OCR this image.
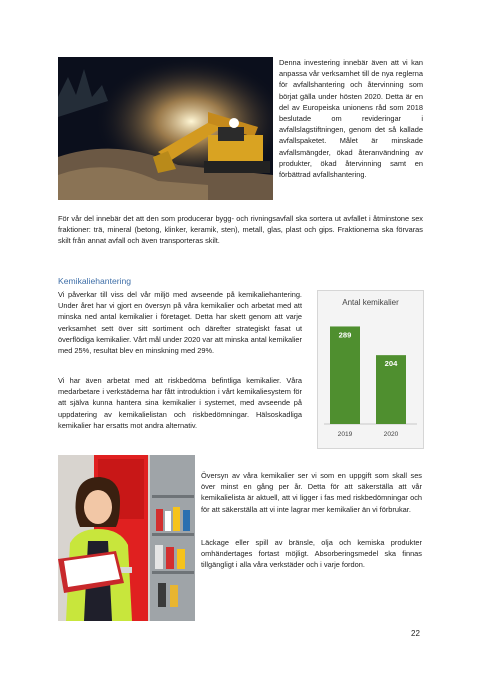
Denna investering innebär även att vi kan anpassa vår verksamhet till de nya reglerna för avfallshantering och återvinning som börjat gälla under hösten 2020. Detta är en del av Europeiska unionens råd som 2018 beslutade om revideringar i avfallslagstiftningen, genom det så kallade avfallspaketet. Målet är minskade avfallsmängder, ökad återanvändning av produkter, ökad återvinning samt en förbättrad avfallshantering.
För vår del innebär det att den som producerar bygg- och rivningsavfall ska sortera ut avfallet i åtminstone sex fraktioner: trä, mineral (betong, klinker, keramik, sten), metall, glas, plast och gips. Fraktionerna ska förvaras skilt från annat avfall och även transporteras skilt.
Kemikaliehantering
Vi påverkar till viss del vår miljö med avseende på kemikaliehantering. Under året har vi gjort en översyn på våra kemikalier och arbetat med att minska ned antal kemikalier i företaget. Detta har skett genom att varje verksamhet sett över sitt sortiment och därefter strategiskt fasat ut överflödiga kemikalier. Vårt mål under 2020 var att minska antal kemikalier med 25%, resultat blev en minskning med 29%.
Vi har även arbetat med att riskbedöma befintliga kemikalier. Våra medarbetare i verkstäderna har fått introduktion i vårt kemikaliesystem för att själva kunna hantera sina kemikalier i systemet, med avseende på uppdatering av kemikalielistan och riskbedömningar. Hälsoskadliga kemikalier har ersatts mot andra alternativ.
Antal kemikalier
289
2019
204
2020
Översyn av våra kemikalier ser vi som en uppgift som skall ses över minst en gång per år. Detta för att säkerställa att vår kemikalielista är aktuell, att vi ligger i fas med riskbedömningar och för att säkerställa att vi inte lagrar mer kemikalier än vi förbrukar.
Läckage eller spill av bränsle, olja och kemiska produkter omhändertages fortast möjligt. Absorberingsmedel ska finnas tillgängligt i alla våra verkstäder och i varje fordon.
22
